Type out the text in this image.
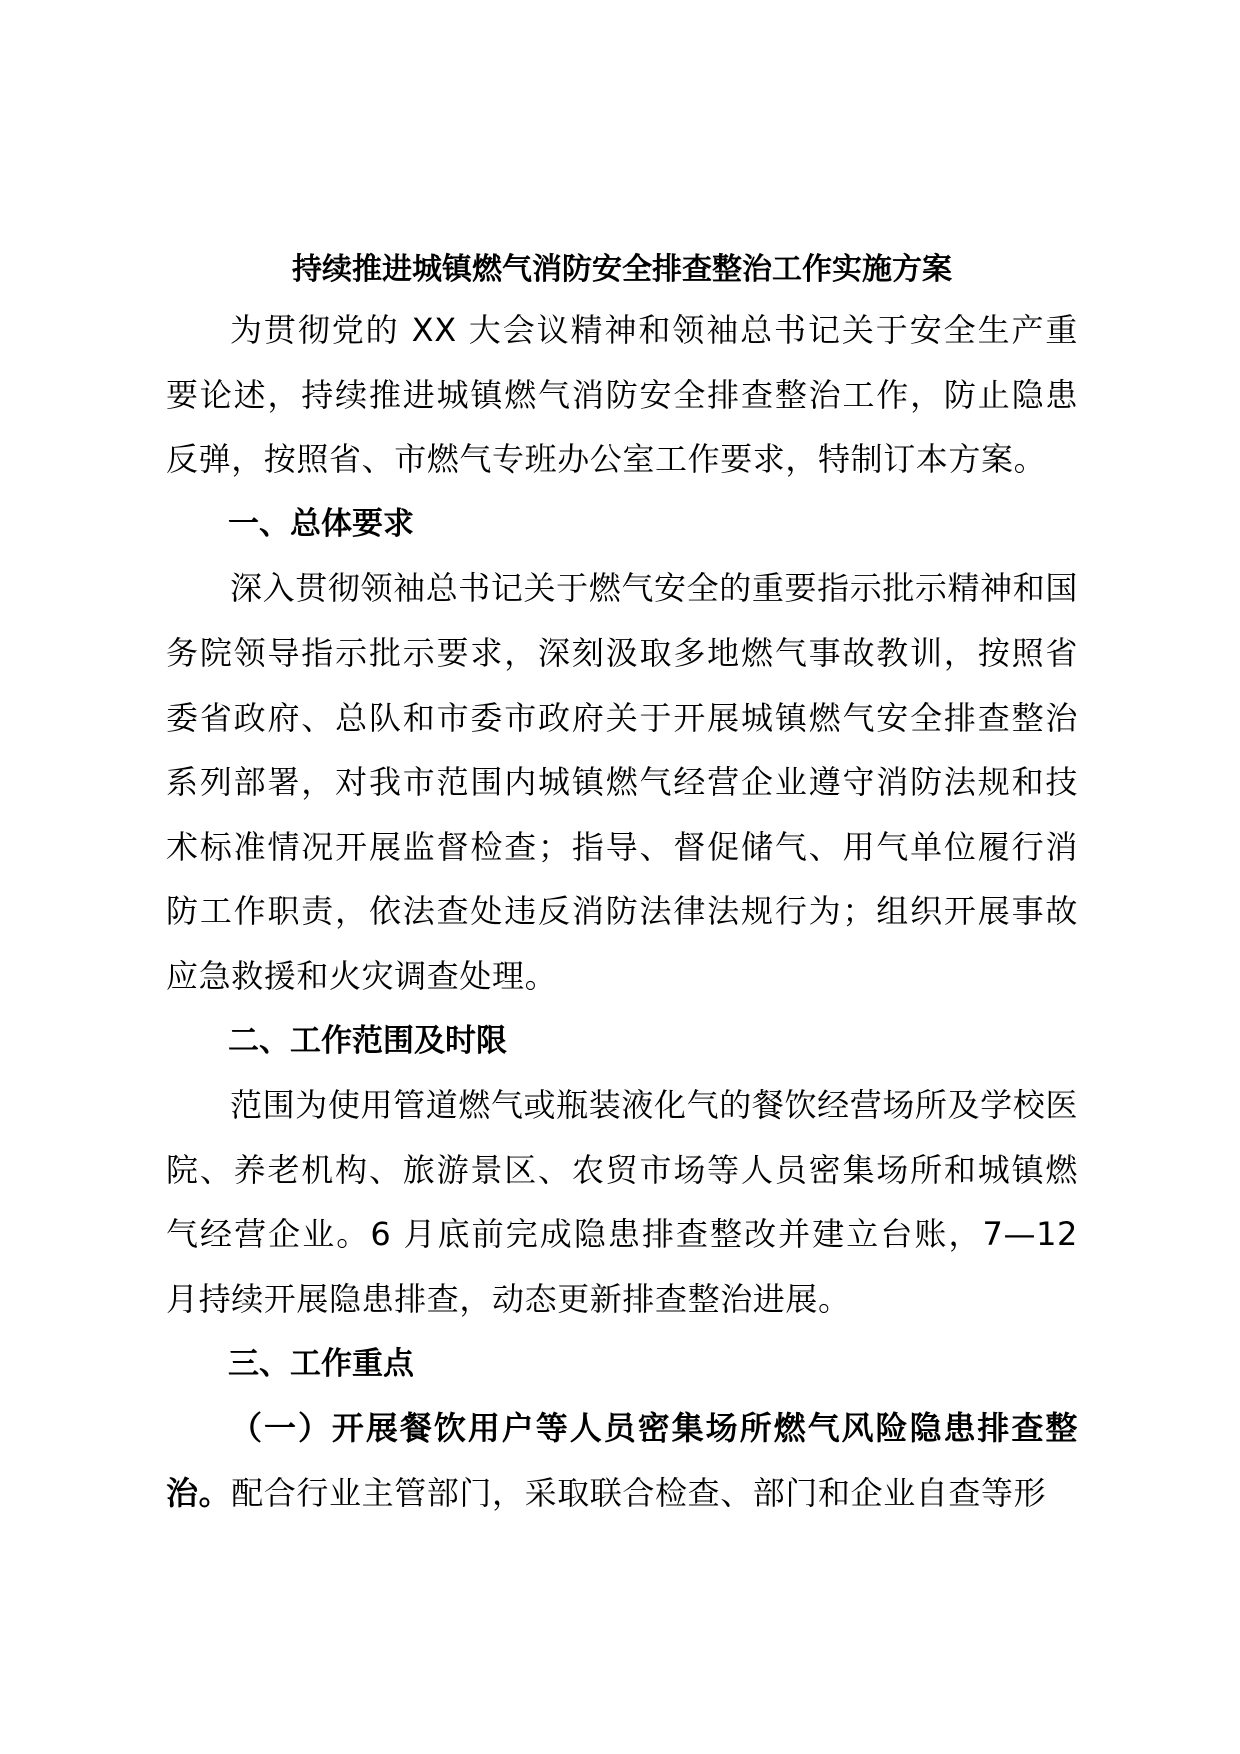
持续推进城镇燃气消防安全排查整治工作实施方案

为贯彻党的 XX 大会议精神和领袖总书记关于安全生产重要论述，持续推进城镇燃气消防安全排查整治工作，防止隐患反弹，按照省、市燃气专班办公室工作要求，特制订本方案。

一、总体要求

深入贯彻领袖总书记关于燃气安全的重要指示批示精神和国务院领导指示批示要求，深刻汲取多地燃气事故教训，按照省委省政府、总队和市委市政府关于开展城镇燃气安全排查整治系列部署，对我市范围内城镇燃气经营企业遵守消防法规和技术标准情况开展监督检查；指导、督促储气、用气单位履行消防工作职责，依法查处违反消防法律法规行为；组织开展事故应急救援和火灾调查处理。

二、工作范围及时限

范围为使用管道燃气或瓶装液化气的餐饮经营场所及学校医院、养老机构、旅游景区、农贸市场等人员密集场所和城镇燃气经营企业。6 月底前完成隐患排查整改并建立台账，7—12 月持续开展隐患排查，动态更新排查整治进展。

三、工作重点

（一）开展餐饮用户等人员密集场所燃气风险隐患排查整治。配合行业主管部门，采取联合检查、部门和企业自查等形
